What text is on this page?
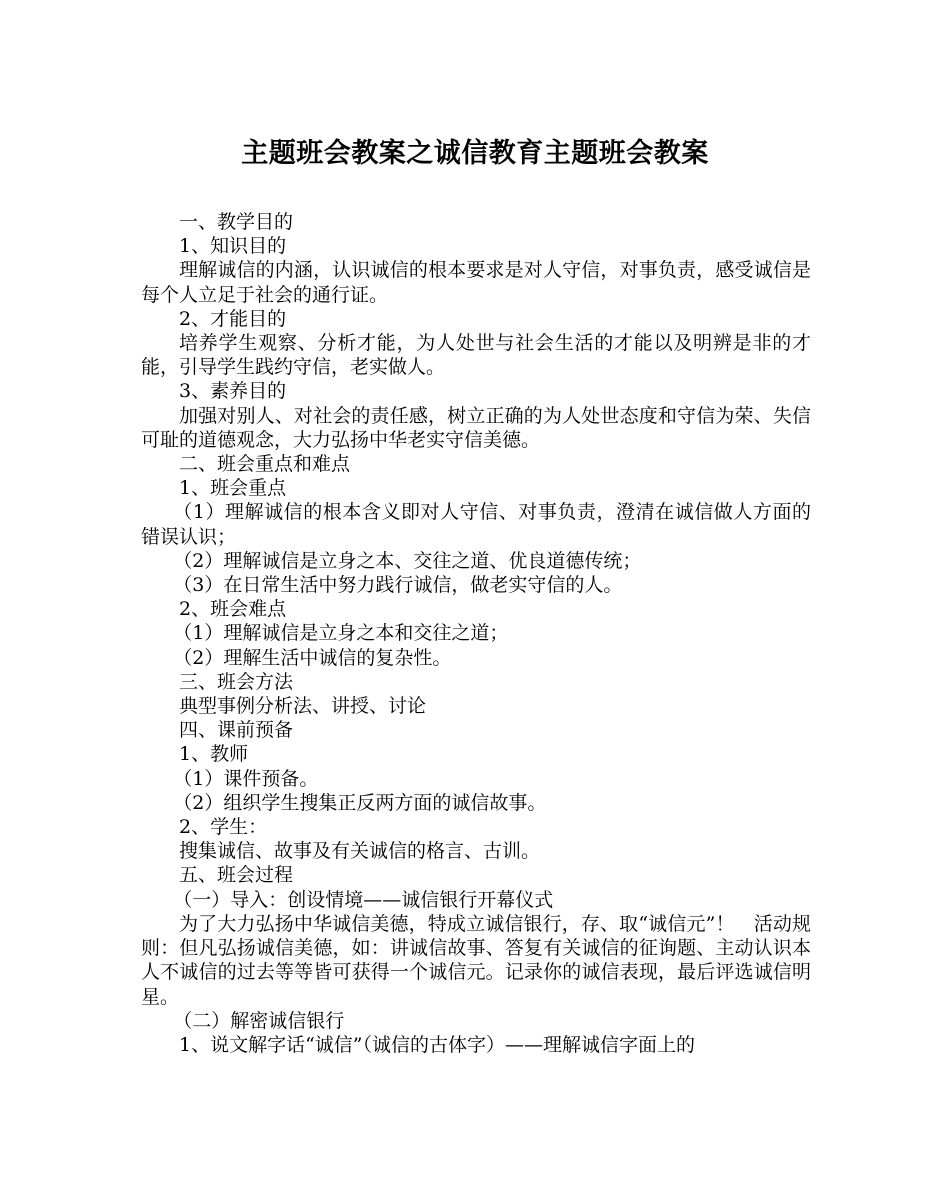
主题班会教案之诚信教育主题班会教案

一、教学目的

1、知识目的

理解诚信的内涵，认识诚信的根本要求是对人守信，对事负责，感受诚信是每个人立足于社会的通行证。

2、才能目的

培养学生观察、分析才能，为人处世与社会生活的才能以及明辨是非的才能，引导学生践约守信，老实做人。

3、素养目的

加强对别人、对社会的责任感，树立正确的为人处世态度和守信为荣、失信可耻的道德观念，大力弘扬中华老实守信美德。

二、班会重点和难点

1、班会重点

（1）理解诚信的根本含义即对人守信、对事负责，澄清在诚信做人方面的错误认识；

（2）理解诚信是立身之本、交往之道、优良道德传统；

（3）在日常生活中努力践行诚信，做老实守信的人。

2、班会难点

（1）理解诚信是立身之本和交往之道；

（2）理解生活中诚信的复杂性。

三、班会方法

典型事例分析法、讲授、讨论

四、课前预备

1、教师

（1）课件预备。

（2）组织学生搜集正反两方面的诚信故事。

2、学生：

搜集诚信、故事及有关诚信的格言、古训。

五、班会过程

（一）导入：创设情境——诚信银行开幕仪式

为了大力弘扬中华诚信美德，特成立诚信银行，存、取“诚信元”！　活动规则：但凡弘扬诚信美德，如：讲诚信故事、答复有关诚信的征询题、主动认识本人不诚信的过去等等皆可获得一个诚信元。记录你的诚信表现，最后评选诚信明星。

（二）解密诚信银行

1、说文解字话“诚信”（诚信的古体字）——理解诚信字面上的
